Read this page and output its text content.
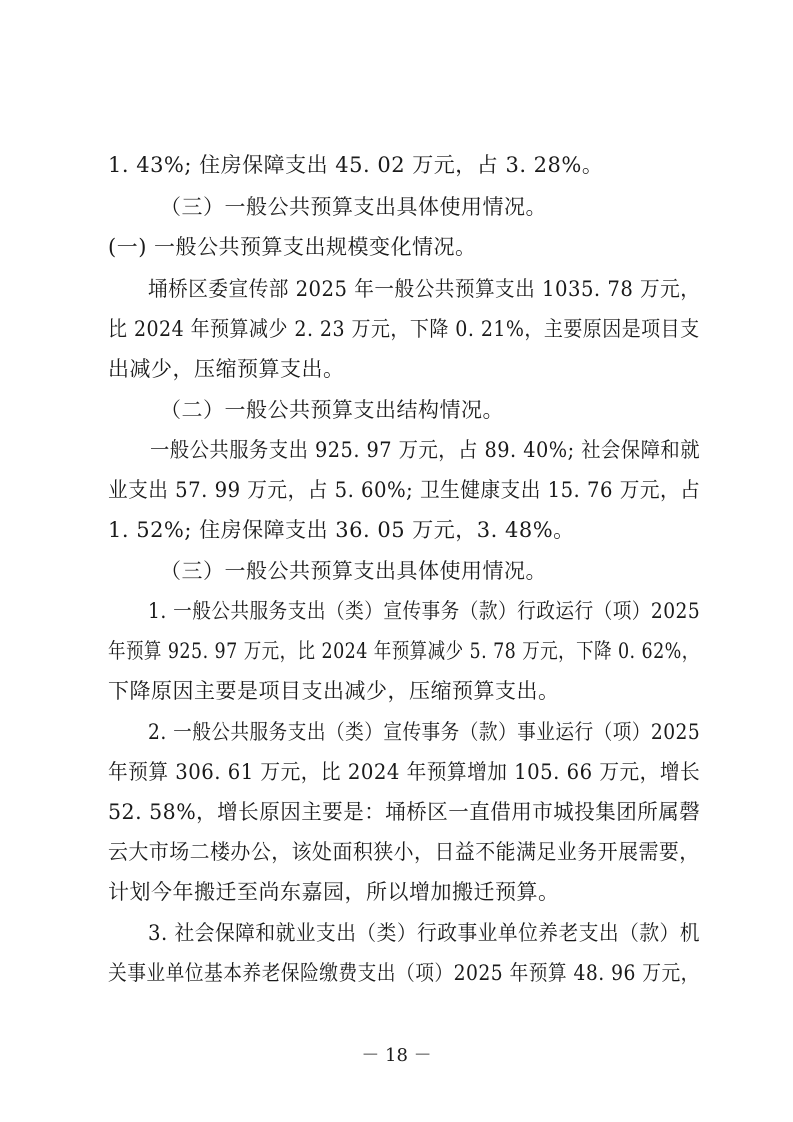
1. 43%; 住房保障支出 45. 02 万元，占 3. 28%。
（三）一般公共预算支出具体使用情况。
(一) 一般公共预算支出规模变化情况。
埇桥区委宣传部 2025 年一般公共预算支出 1035. 78 万元，
比 2024 年预算减少 2. 23 万元，下降 0. 21%，主要原因是项目支
出减少，压缩预算支出。
（二）一般公共预算支出结构情况。
一般公共服务支出 925. 97 万元，占 89. 40%; 社会保障和就
业支出 57. 99 万元，占 5. 60%; 卫生健康支出 15. 76 万元，占
1. 52%; 住房保障支出 36. 05 万元，3. 48%。
（三）一般公共预算支出具体使用情况。
1. 一般公共服务支出（类）宣传事务（款）行政运行（项）2025
年预算 925. 97 万元，比 2024 年预算减少 5. 78 万元，下降 0. 62%，
下降原因主要是项目支出减少，压缩预算支出。
2. 一般公共服务支出（类）宣传事务（款）事业运行（项）2025
年预算 306. 61 万元，比 2024 年预算增加 105. 66 万元，增长
52. 58%，增长原因主要是：埇桥区一直借用市城投集团所属磬
云大市场二楼办公，该处面积狭小，日益不能满足业务开展需要，
计划今年搬迁至尚东嘉园，所以增加搬迁预算。
3. 社会保障和就业支出（类）行政事业单位养老支出（款）机
关事业单位基本养老保险缴费支出（项）2025 年预算 48. 96 万元，
－ 18 －
